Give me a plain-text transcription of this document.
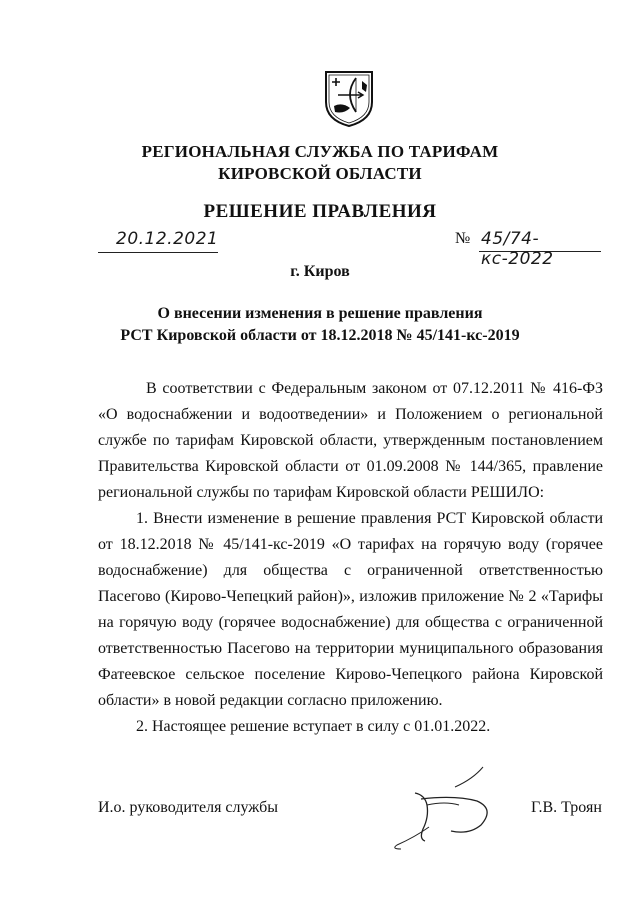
РЕГИОНАЛЬНАЯ СЛУЖБА ПО ТАРИФАМ
КИРОВСКОЙ ОБЛАСТИ
РЕШЕНИЕ ПРАВЛЕНИЯ
20.12.2021	№ 45/74-кс-2022
г. Киров
О внесении изменения в решение правления
РСТ Кировской области от 18.12.2018 № 45/141-кс-2019

В соответствии с Федеральным законом от 07.12.2011 № 416-ФЗ «О водоснабжении и водоотведении» и Положением о региональной службе по тарифам Кировской области, утвержденным постановлением Правительства Кировской области от 01.09.2008 № 144/365, правление региональной службы по тарифам Кировской области РЕШИЛО:

1. Внести изменение в решение правления РСТ Кировской области от 18.12.2018 № 45/141-кс-2019 «О тарифах на горячую воду (горячее водоснабжение) для общества с ограниченной ответственностью Пасегово (Кирово-Чепецкий район)», изложив приложение № 2 «Тарифы на горячую воду (горячее водоснабжение) для общества с ограниченной ответственностью Пасегово на территории муниципального образования Фатеевское сельское поселение Кирово-Чепецкого района Кировской области» в новой редакции согласно приложению.

2. Настоящее решение вступает в силу с 01.01.2022.

И.о. руководителя службы	Г.В. Троян
